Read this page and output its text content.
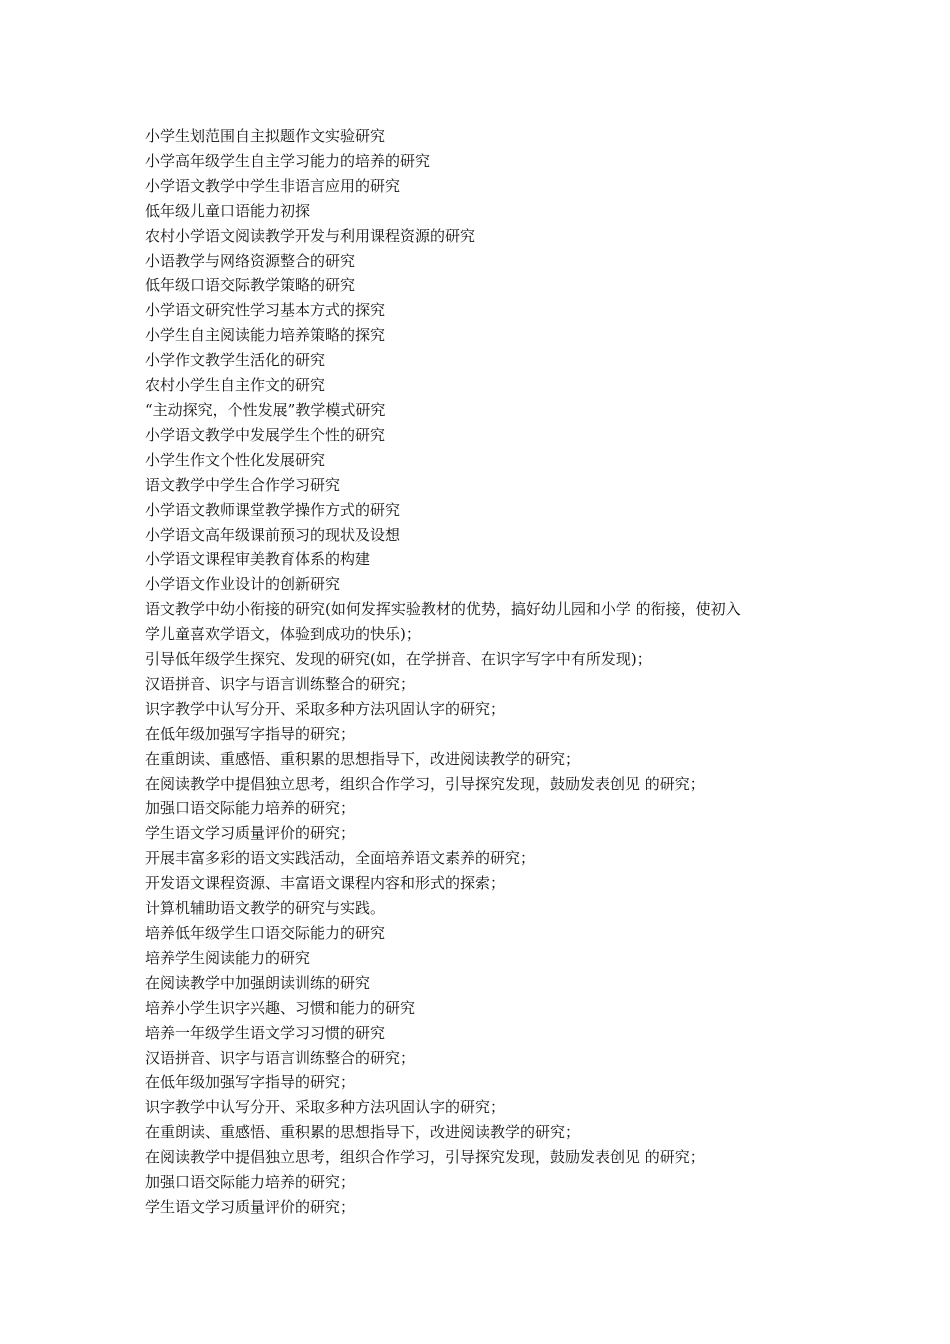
小学生划范围自主拟题作文实验研究
小学高年级学生自主学习能力的培养的研究
小学语文教学中学生非语言应用的研究
低年级儿童口语能力初探
农村小学语文阅读教学开发与利用课程资源的研究
小语教学与网络资源整合的研究
低年级口语交际教学策略的研究
小学语文研究性学习基本方式的探究
小学生自主阅读能力培养策略的探究
小学作文教学生活化的研究
农村小学生自主作文的研究
“主动探究，个性发展”教学模式研究
小学语文教学中发展学生个性的研究
小学生作文个性化发展研究
语文教学中学生合作学习研究
小学语文教师课堂教学操作方式的研究
小学语文高年级课前预习的现状及设想
小学语文课程审美教育体系的构建
小学语文作业设计的创新研究
语文教学中幼小衔接的研究(如何发挥实验教材的优势，搞好幼儿园和小学 的衔接，使初入
学儿童喜欢学语文，体验到成功的快乐)；
引导低年级学生探究、发现的研究(如，在学拼音、在识字写字中有所发现)；
汉语拼音、识字与语言训练整合的研究；
识字教学中认写分开、采取多种方法巩固认字的研究；
在低年级加强写字指导的研究；
在重朗读、重感悟、重积累的思想指导下，改进阅读教学的研究；
在阅读教学中提倡独立思考，组织合作学习，引导探究发现，鼓励发表创见 的研究；
加强口语交际能力培养的研究；
学生语文学习质量评价的研究；
开展丰富多彩的语文实践活动，全面培养语文素养的研究；
开发语文课程资源、丰富语文课程内容和形式的探索；
计算机辅助语文教学的研究与实践。
培养低年级学生口语交际能力的研究
培养学生阅读能力的研究
在阅读教学中加强朗读训练的研究
培养小学生识字兴趣、习惯和能力的研究
培养一年级学生语文学习习惯的研究
汉语拼音、识字与语言训练整合的研究；
在低年级加强写字指导的研究；
识字教学中认写分开、采取多种方法巩固认字的研究；
在重朗读、重感悟、重积累的思想指导下，改进阅读教学的研究；
在阅读教学中提倡独立思考，组织合作学习，引导探究发现，鼓励发表创见 的研究；
加强口语交际能力培养的研究；
学生语文学习质量评价的研究；
